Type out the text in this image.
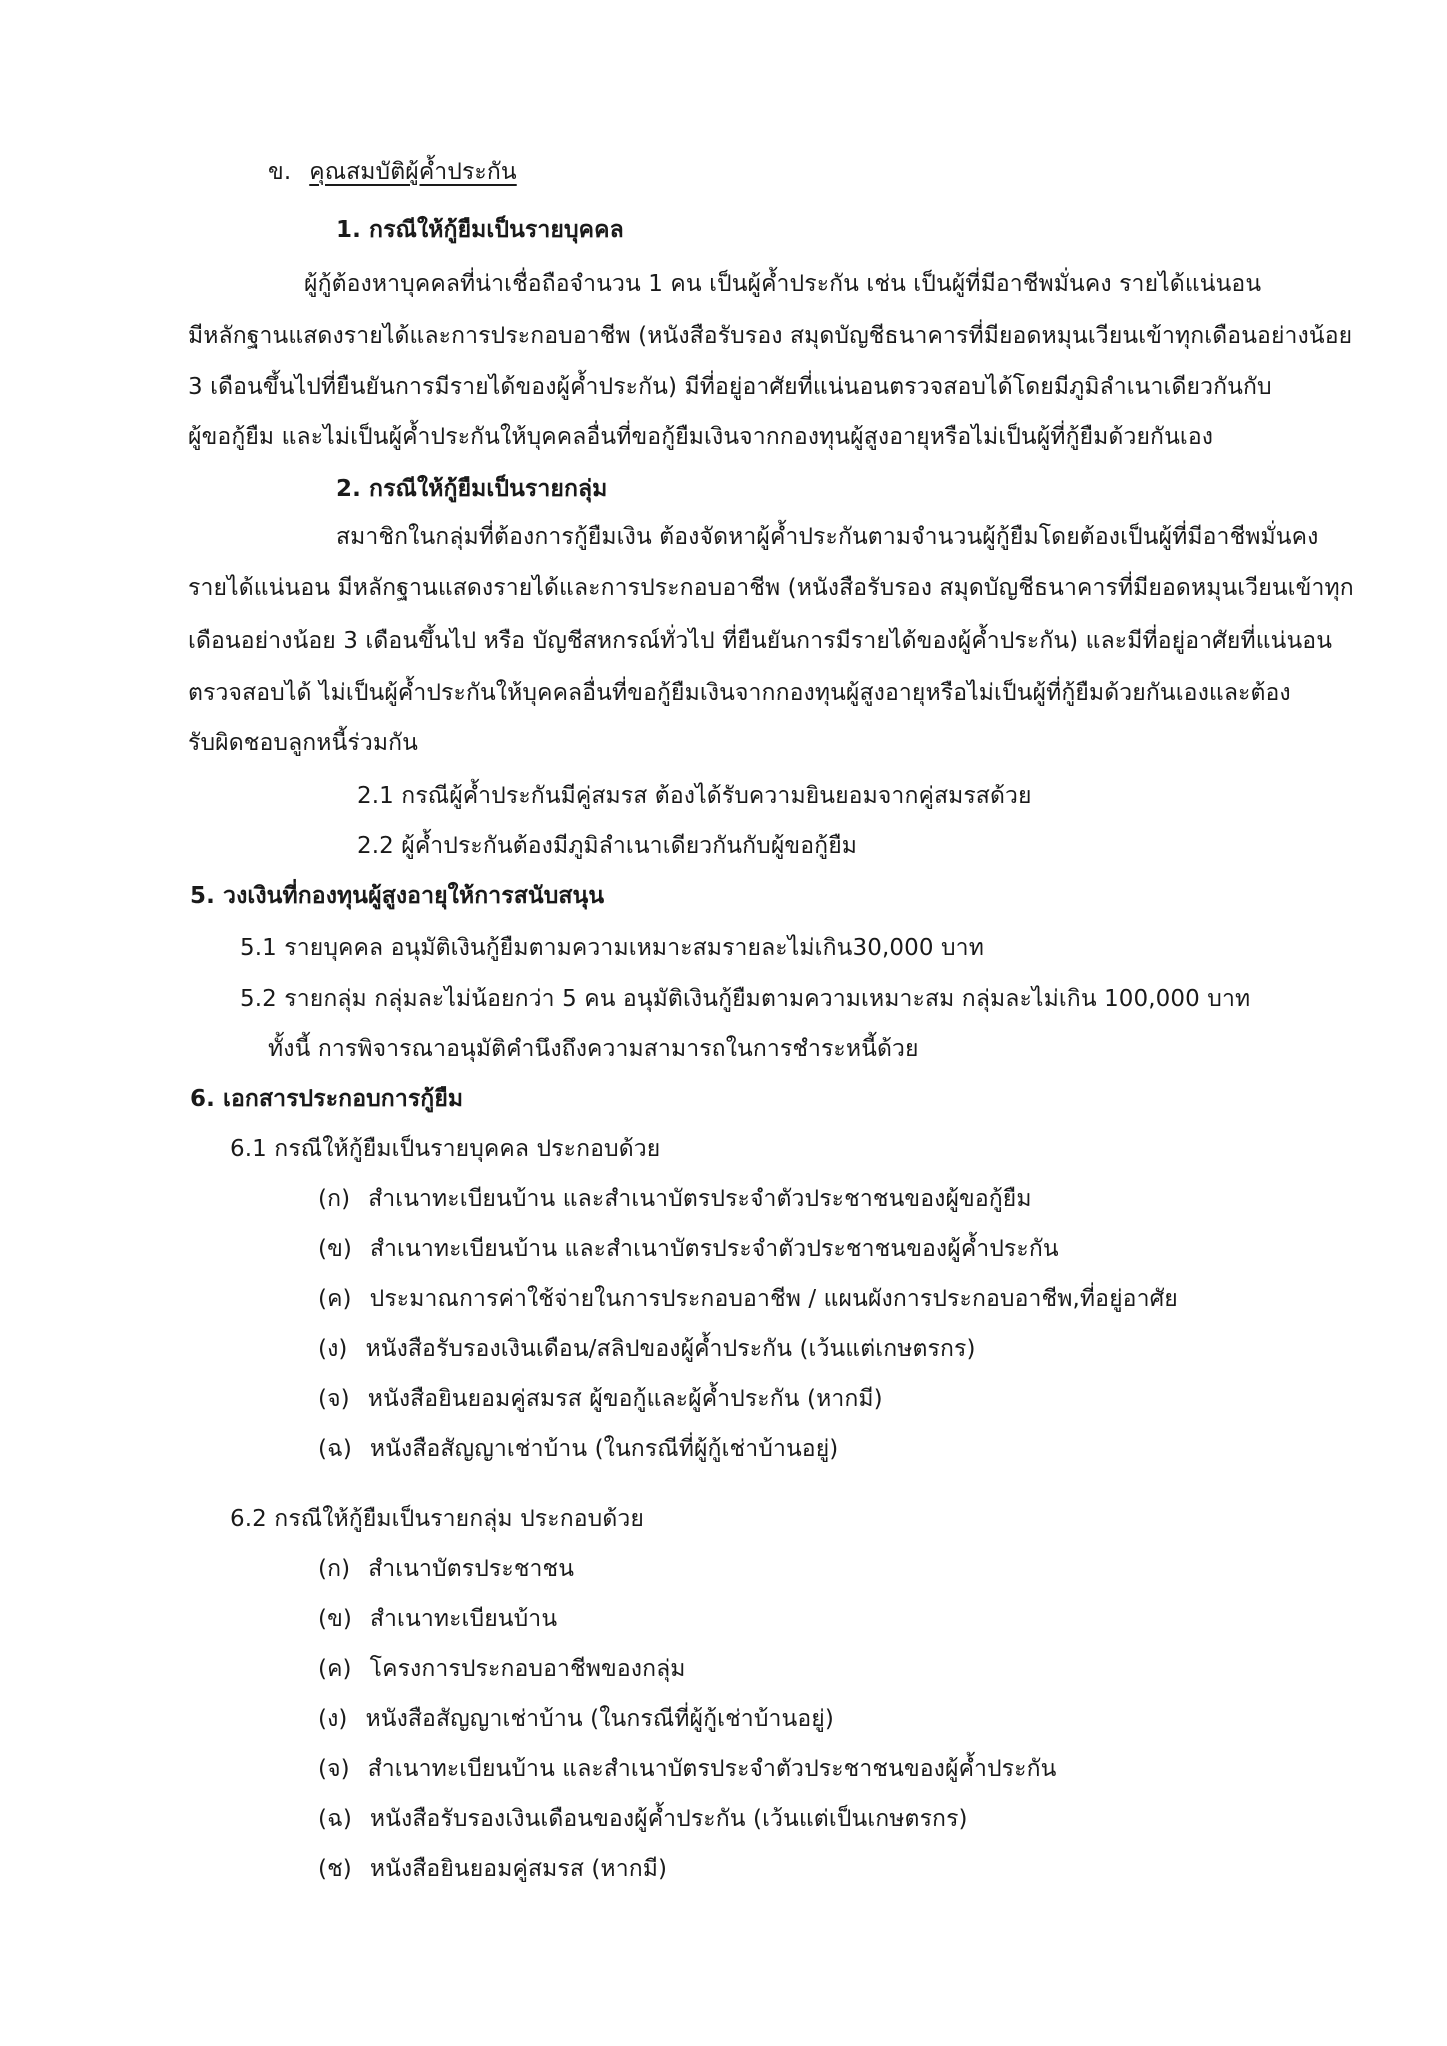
ข. คุณสมบัติผู้ค้ำประกัน
1. กรณีให้กู้ยืมเป็นรายบุคคล
ผู้กู้ต้องหาบุคคลที่น่าเชื่อถือจำนวน 1 คน เป็นผู้ค้ำประกัน เช่น เป็นผู้ที่มีอาชีพมั่นคง รายได้แน่นอน
มีหลักฐานแสดงรายได้และการประกอบอาชีพ (หนังสือรับรอง สมุดบัญชีธนาคารที่มียอดหมุนเวียนเข้าทุกเดือนอย่างน้อย
3 เดือนขึ้นไปที่ยืนยันการมีรายได้ของผู้ค้ำประกัน) มีที่อยู่อาศัยที่แน่นอนตรวจสอบได้โดยมีภูมิลำเนาเดียวกันกับ
ผู้ขอกู้ยืม และไม่เป็นผู้ค้ำประกันให้บุคคลอื่นที่ขอกู้ยืมเงินจากกองทุนผู้สูงอายุหรือไม่เป็นผู้ที่กู้ยืมด้วยกันเอง
2. กรณีให้กู้ยืมเป็นรายกลุ่ม
สมาชิกในกลุ่มที่ต้องการกู้ยืมเงิน ต้องจัดหาผู้ค้ำประกันตามจำนวนผู้กู้ยืมโดยต้องเป็นผู้ที่มีอาชีพมั่นคง
รายได้แน่นอน มีหลักฐานแสดงรายได้และการประกอบอาชีพ (หนังสือรับรอง สมุดบัญชีธนาคารที่มียอดหมุนเวียนเข้าทุก
เดือนอย่างน้อย 3 เดือนขึ้นไป หรือ บัญชีสหกรณ์ทั่วไป ที่ยืนยันการมีรายได้ของผู้ค้ำประกัน) และมีที่อยู่อาศัยที่แน่นอน
ตรวจสอบได้ ไม่เป็นผู้ค้ำประกันให้บุคคลอื่นที่ขอกู้ยืมเงินจากกองทุนผู้สูงอายุหรือไม่เป็นผู้ที่กู้ยืมด้วยกันเองและต้อง
รับผิดชอบลูกหนี้ร่วมกัน
2.1 กรณีผู้ค้ำประกันมีคู่สมรส ต้องได้รับความยินยอมจากคู่สมรสด้วย
2.2 ผู้ค้ำประกันต้องมีภูมิลำเนาเดียวกันกับผู้ขอกู้ยืม
5. วงเงินที่กองทุนผู้สูงอายุให้การสนับสนุน
5.1 รายบุคคล อนุมัติเงินกู้ยืมตามความเหมาะสมรายละไม่เกิน30,000 บาท
5.2 รายกลุ่ม กลุ่มละไม่น้อยกว่า 5 คน อนุมัติเงินกู้ยืมตามความเหมาะสม กลุ่มละไม่เกิน 100,000 บาท
ทั้งนี้ การพิจารณาอนุมัติคำนึงถึงความสามารถในการชำระหนี้ด้วย
6. เอกสารประกอบการกู้ยืม
6.1 กรณีให้กู้ยืมเป็นรายบุคคล ประกอบด้วย
(ก) สำเนาทะเบียนบ้าน และสำเนาบัตรประจำตัวประชาชนของผู้ขอกู้ยืม
(ข) สำเนาทะเบียนบ้าน และสำเนาบัตรประจำตัวประชาชนของผู้ค้ำประกัน
(ค) ประมาณการค่าใช้จ่ายในการประกอบอาชีพ / แผนผังการประกอบอาชีพ,ที่อยู่อาศัย
(ง) หนังสือรับรองเงินเดือน/สลิปของผู้ค้ำประกัน (เว้นแต่เกษตรกร)
(จ) หนังสือยินยอมคู่สมรส ผู้ขอกู้และผู้ค้ำประกัน (หากมี)
(ฉ) หนังสือสัญญาเช่าบ้าน (ในกรณีที่ผู้กู้เช่าบ้านอยู่)
6.2 กรณีให้กู้ยืมเป็นรายกลุ่ม ประกอบด้วย
(ก) สำเนาบัตรประชาชน
(ข) สำเนาทะเบียนบ้าน
(ค) โครงการประกอบอาชีพของกลุ่ม
(ง) หนังสือสัญญาเช่าบ้าน (ในกรณีที่ผู้กู้เช่าบ้านอยู่)
(จ) สำเนาทะเบียนบ้าน และสำเนาบัตรประจำตัวประชาชนของผู้ค้ำประกัน
(ฉ) หนังสือรับรองเงินเดือนของผู้ค้ำประกัน (เว้นแต่เป็นเกษตรกร)
(ช) หนังสือยินยอมคู่สมรส (หากมี)
